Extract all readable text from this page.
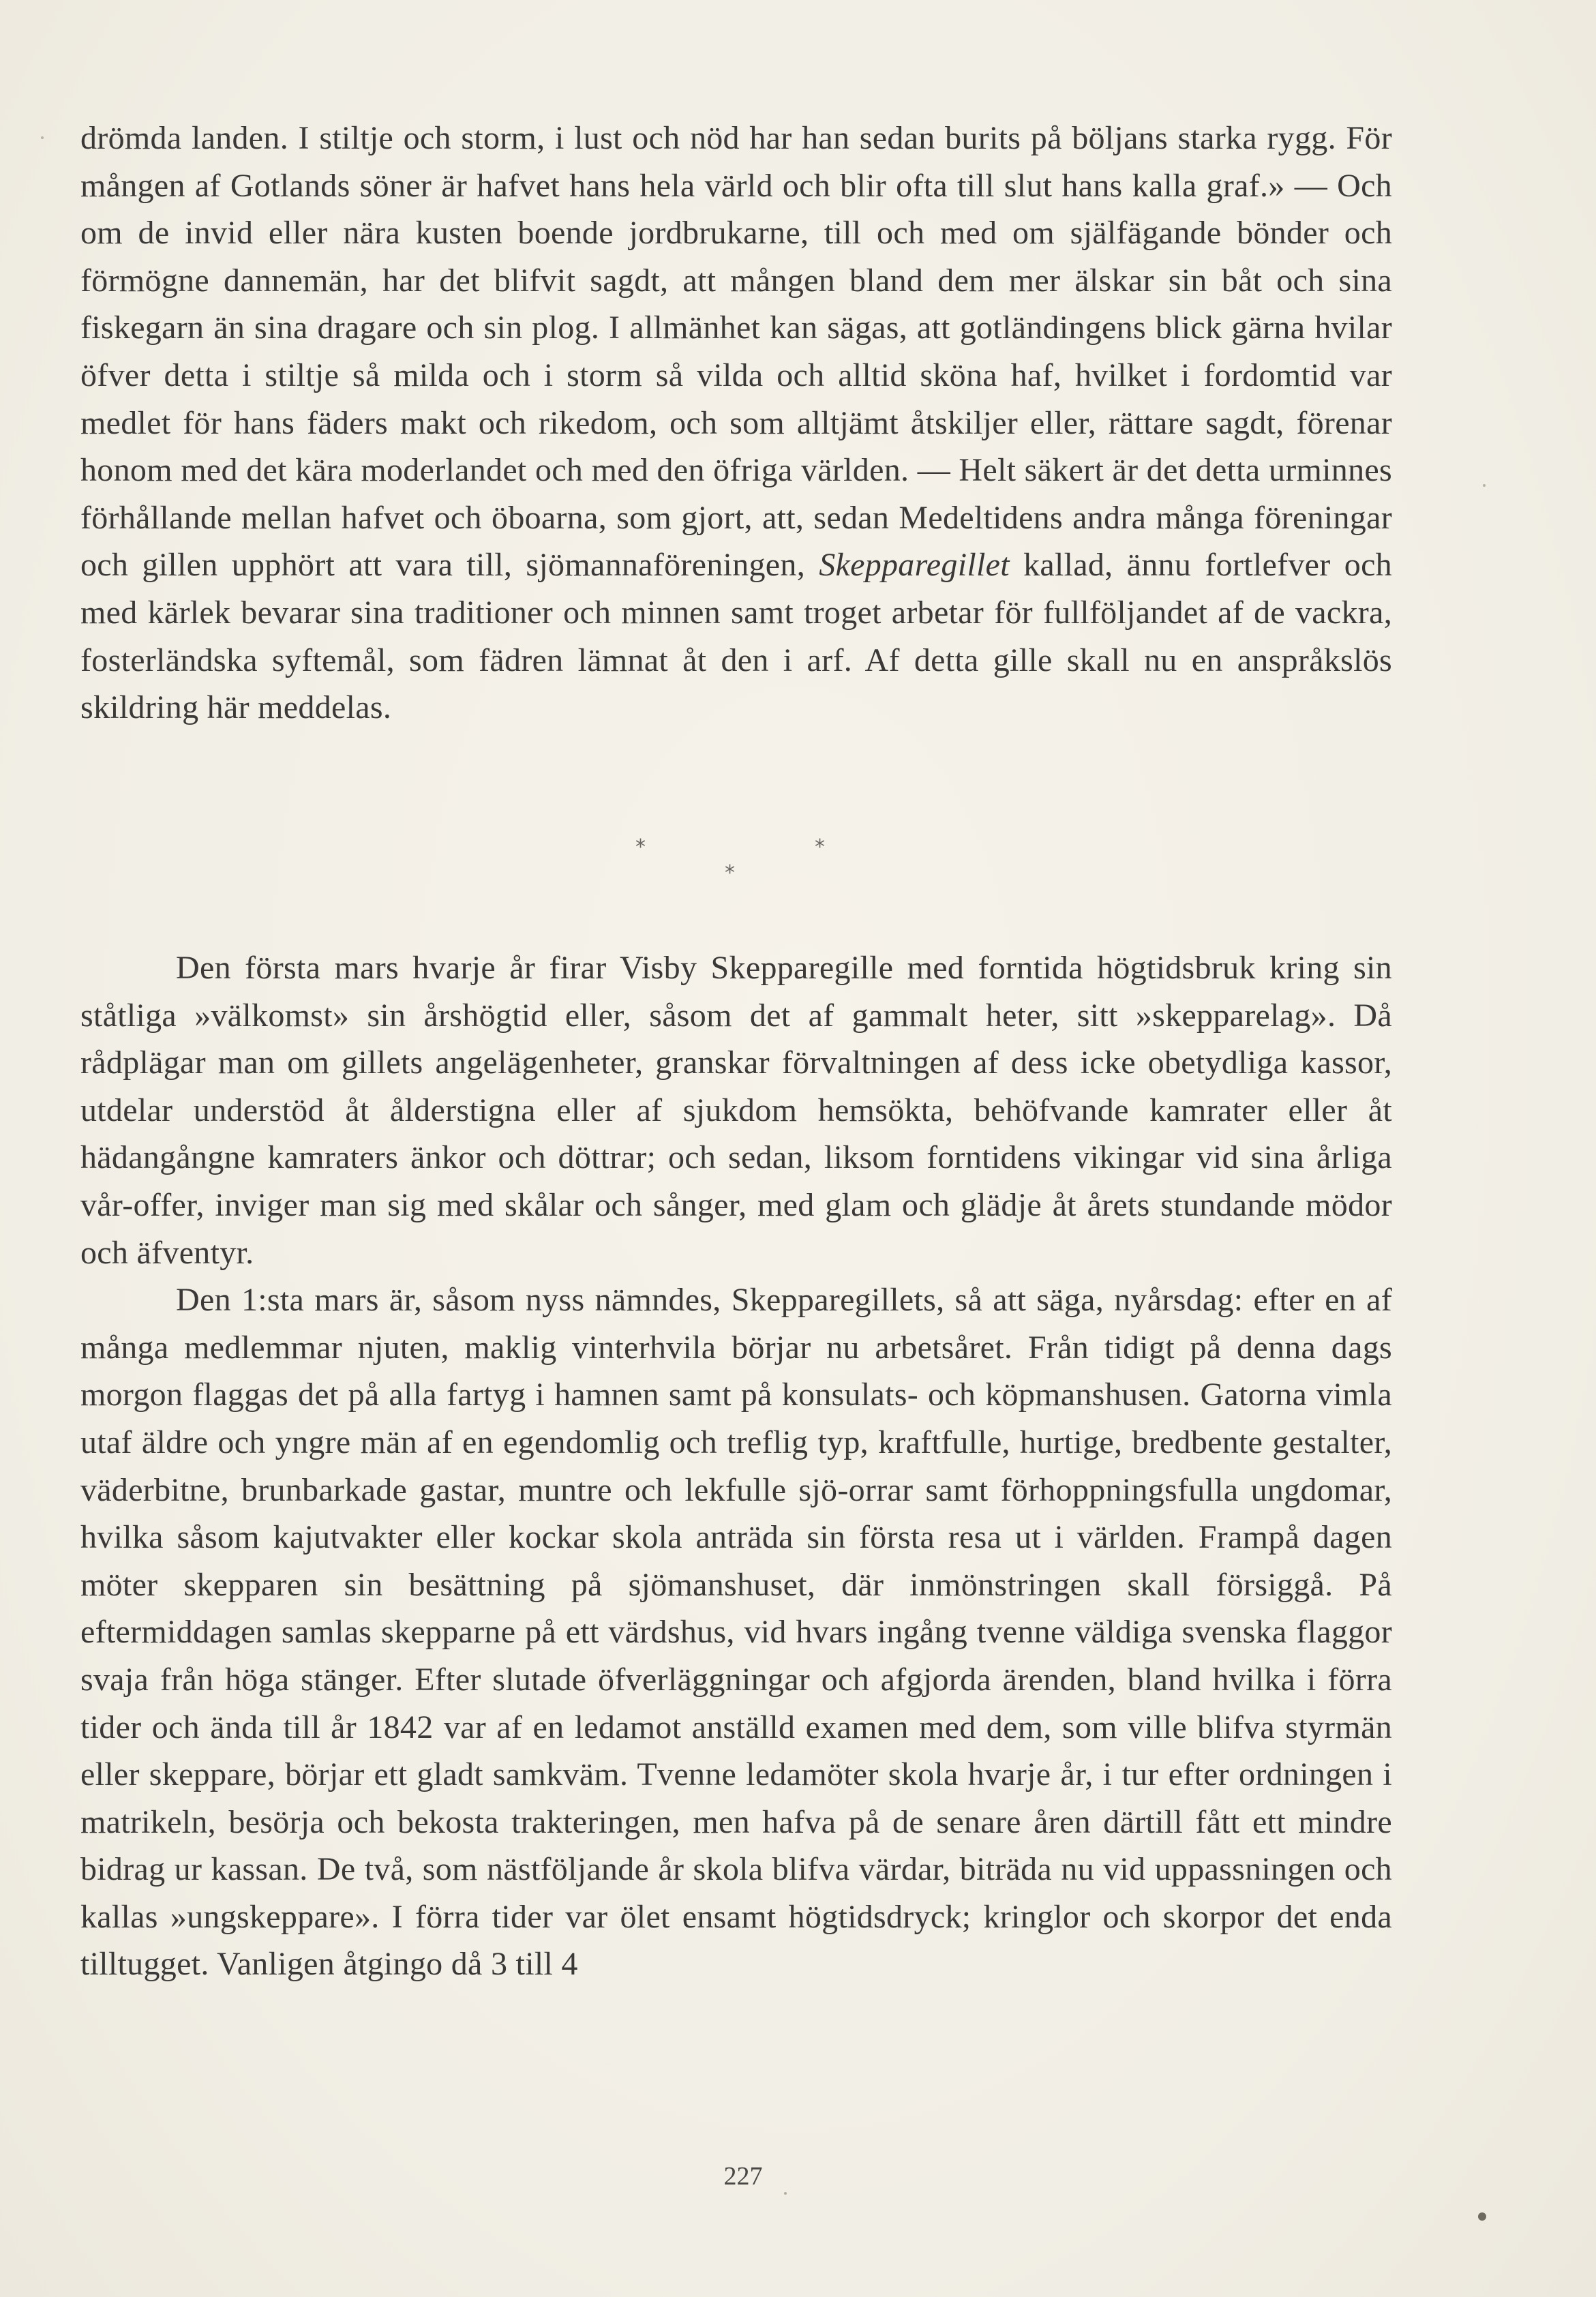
drömda landen. I stiltje och storm, i lust och nöd har han sedan burits på böljans starka rygg. För mången af Gotlands söner är hafvet hans hela värld och blir ofta till slut hans kalla graf.» — Och om de invid eller nära kusten boende jordbrukarne, till och med om själfägande bönder och förmögne dannemän, har det blifvit sagdt, att mången bland dem mer älskar sin båt och sina fiskegarn än sina dragare och sin plog. I allmänhet kan sägas, att gotländingens blick gärna hvilar öfver detta i stiltje så milda och i storm så vilda och alltid sköna haf, hvilket i fordomtid var medlet för hans fäders makt och rikedom, och som alltjämt åtskiljer eller, rättare sagdt, förenar honom med det kära moderlandet och med den öfriga världen. — Helt säkert är det detta urminnes förhållande mellan hafvet och öboarna, som gjort, att, sedan Medeltidens andra många föreningar och gillen upphört att vara till, sjömannaföreningen, Skepparegillet kallad, ännu fortlefver och med kärlek bevarar sina traditioner och minnen samt troget arbetar för fullföljandet af de vackra, fosterländska syftemål, som fädren lämnat åt den i arf. Af detta gille skall nu en anspråkslös skildring här meddelas.

*	*
*

Den första mars hvarje år firar Visby Skepparegille med forntida högtidsbruk kring sin ståtliga »välkomst» sin årshögtid eller, såsom det af gammalt heter, sitt »skepparelag». Då rådplägar man om gillets angelägenheter, granskar förvaltningen af dess icke obetydliga kassor, utdelar understöd åt ålderstigna eller af sjukdom hemsökta, behöfvande kamrater eller åt hädangångne kamraters änkor och döttrar; och sedan, liksom forntidens vikingar vid sina årliga vår-offer, inviger man sig med skålar och sånger, med glam och glädje åt årets stundande mödor och äfventyr.

Den 1:sta mars är, såsom nyss nämndes, Skepparegillets, så att säga, nyårsdag: efter en af många medlemmar njuten, maklig vinterhvila börjar nu arbetsåret. Från tidigt på denna dags morgon flaggas det på alla fartyg i hamnen samt på konsulats- och köpmanshusen. Gatorna vimla utaf äldre och yngre män af en egendomlig och treflig typ, kraftfulle, hurtige, bredbente gestalter, väderbitne, brunbarkade gastar, muntre och lekfulle sjö-orrar samt förhoppningsfulla ungdomar, hvilka såsom kajutvakter eller kockar skola anträda sin första resa ut i världen. Frampå dagen möter skepparen sin besättning på sjömanshuset, där inmönstringen skall försiggå. På eftermiddagen samlas skepparne på ett värdshus, vid hvars ingång tvenne väldiga svenska flaggor svaja från höga stänger. Efter slutade öfverläggningar och afgjorda ärenden, bland hvilka i förra tider och ända till år 1842 var af en ledamot anställd examen med dem, som ville blifva styrmän eller skeppare, börjar ett gladt samkväm. Tvenne ledamöter skola hvarje år, i tur efter ordningen i matrikeln, besörja och bekosta trakteringen, men hafva på de senare åren därtill fått ett mindre bidrag ur kassan. De två, som nästföljande år skola blifva värdar, biträda nu vid uppassningen och kallas »ungskeppare». I förra tider var ölet ensamt högtidsdryck; kringlor och skorpor det enda tilltugget. Vanligen åtgingo då 3 till 4

227
